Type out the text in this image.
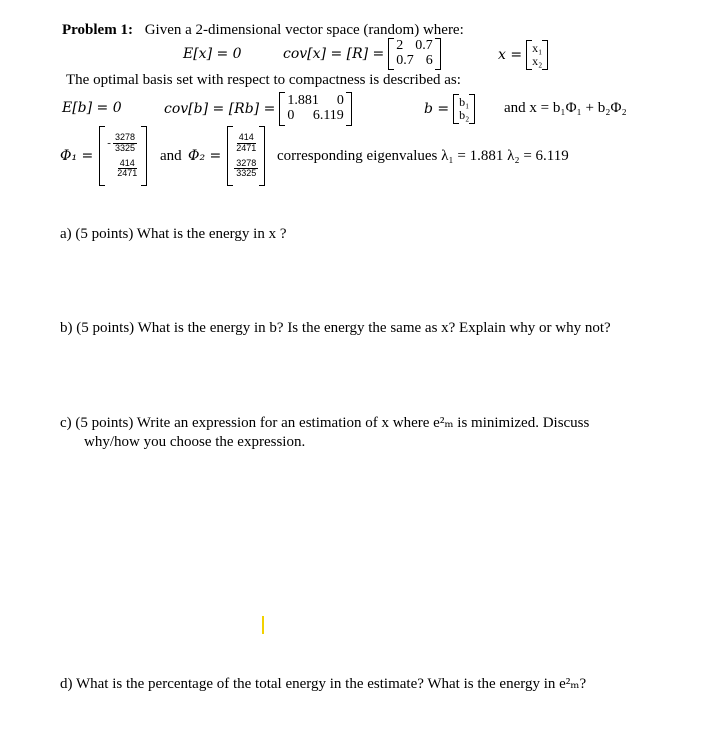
Problem 1: Given a 2-dimensional vector space (random) where:
E[x] = 0	cov[x] = [R] =
2 0.7
0.7 6	x = x₁
x₂
The optimal basis set with respect to compactness is described as:
E[b] = 0	cov[b] = [Rb] =
1.881 0
0 6.119	b = b₁
b₂ and x = b₁Φ₁ + b₂Φ₂
Φ₁ =
- $\frac{3278}{3325}$
$\frac{414}{2471}$
and Φ₂ =
$\frac{414}{2471}$
$\frac{3278}{3325}$
corresponding eigenvalues λ₁ = 1.881 λ₂ = 6.119
a) (5 points) What is the energy in x ?
b) (5 points) What is the energy in b? Is the energy the same as x? Explain why or why not?
c) (5 points) Write an expression for an estimation of x where e²ₘ is minimized. Discuss
why/how you choose the expression.
d) What is the percentage of the total energy in the estimate? What is the energy in e²ₘ?
